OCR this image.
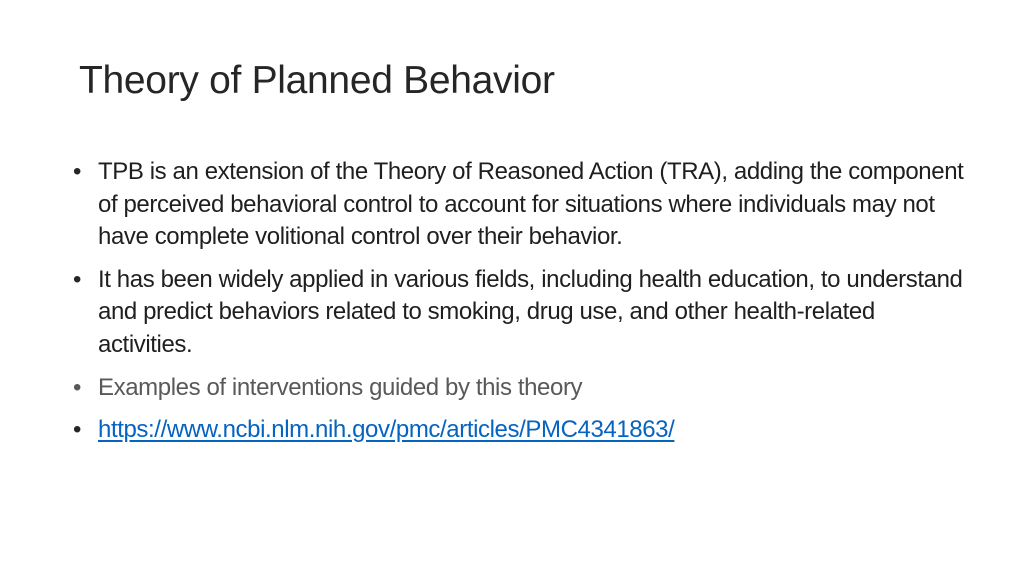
Theory of Planned Behavior
• TPB is an extension of the Theory of Reasoned Action (TRA), adding the component of perceived behavioral control to account for situations where individuals may not have complete volitional control over their behavior.
• It has been widely applied in various fields, including health education, to understand and predict behaviors related to smoking, drug use, and other health-related activities.
• Examples of interventions guided by this theory
• https://www.ncbi.nlm.nih.gov/pmc/articles/PMC4341863/
